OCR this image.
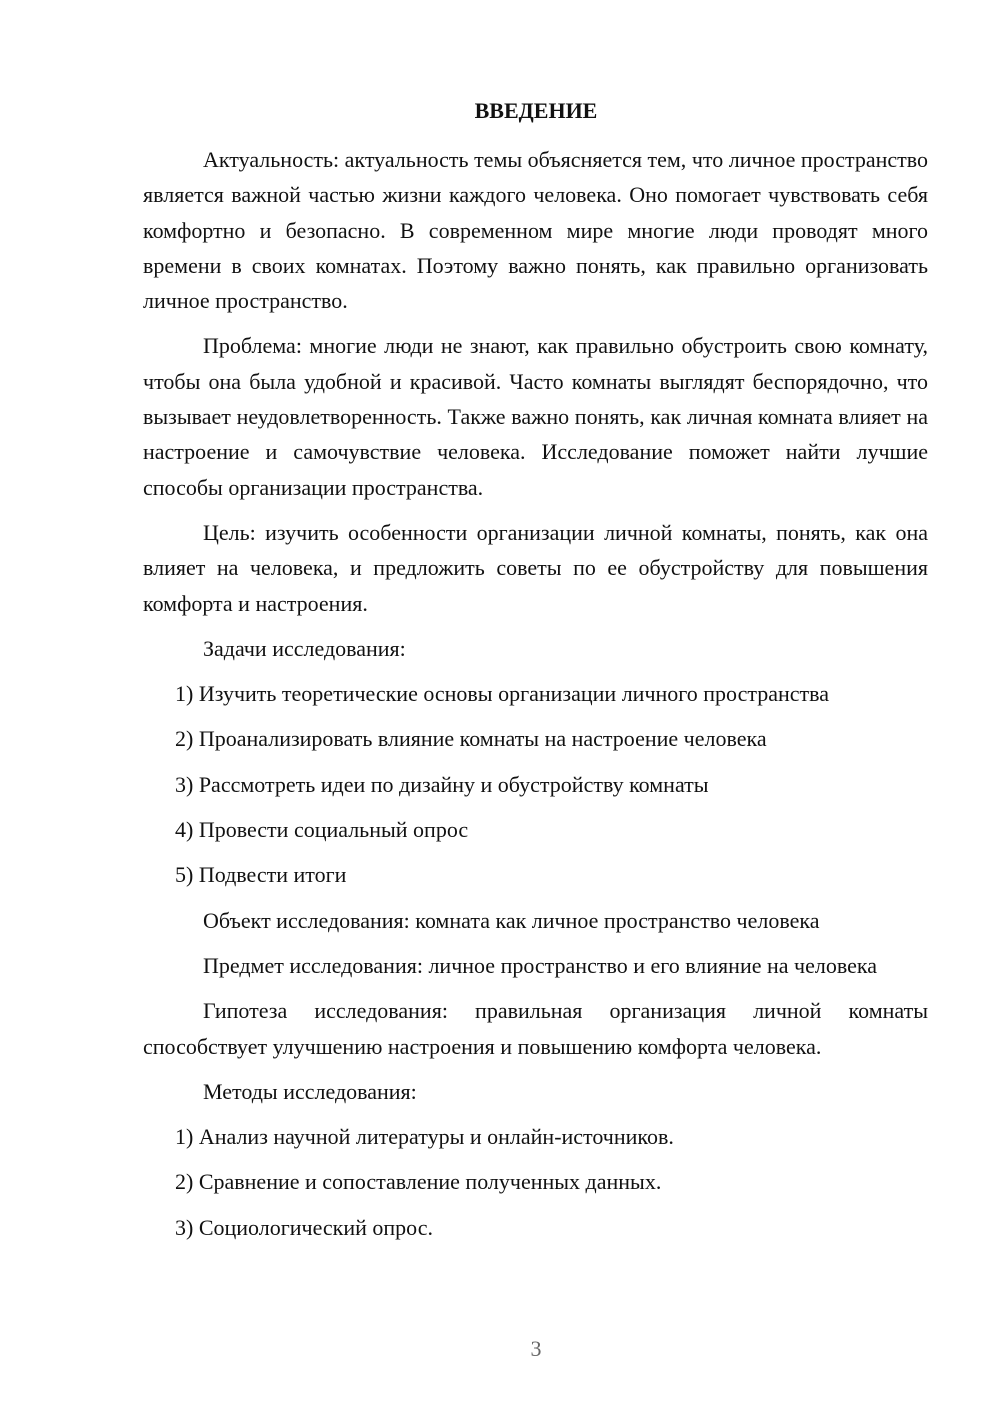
ВВЕДЕНИЕ

Актуальность: актуальность темы объясняется тем, что личное пространство является важной частью жизни каждого человека. Оно помогает чувствовать себя комфортно и безопасно. В современном мире многие люди проводят много времени в своих комнатах. Поэтому важно понять, как правильно организовать личное пространство.

Проблема: многие люди не знают, как правильно обустроить свою комнату, чтобы она была удобной и красивой. Часто комнаты выглядят беспорядочно, что вызывает неудовлетворенность. Также важно понять, как личная комната влияет на настроение и самочувствие человека. Исследование поможет найти лучшие способы организации пространства.

Цель: изучить особенности организации личной комнаты, понять, как она влияет на человека, и предложить советы по ее обустройству для повышения комфорта и настроения.

Задачи исследования:

1) Изучить теоретические основы организации личного пространства

2) Проанализировать влияние комнаты на настроение человека

3) Рассмотреть идеи по дизайну и обустройству комнаты

4) Провести социальный опрос

5) Подвести итоги

Объект исследования: комната как личное пространство человека

Предмет исследования: личное пространство и его влияние на человека

Гипотеза исследования: правильная организация личной комнаты способствует улучшению настроения и повышению комфорта человека.

Методы исследования:

1) Анализ научной литературы и онлайн-источников.

2) Сравнение и сопоставление полученных данных.

3) Социологический опрос.

3
